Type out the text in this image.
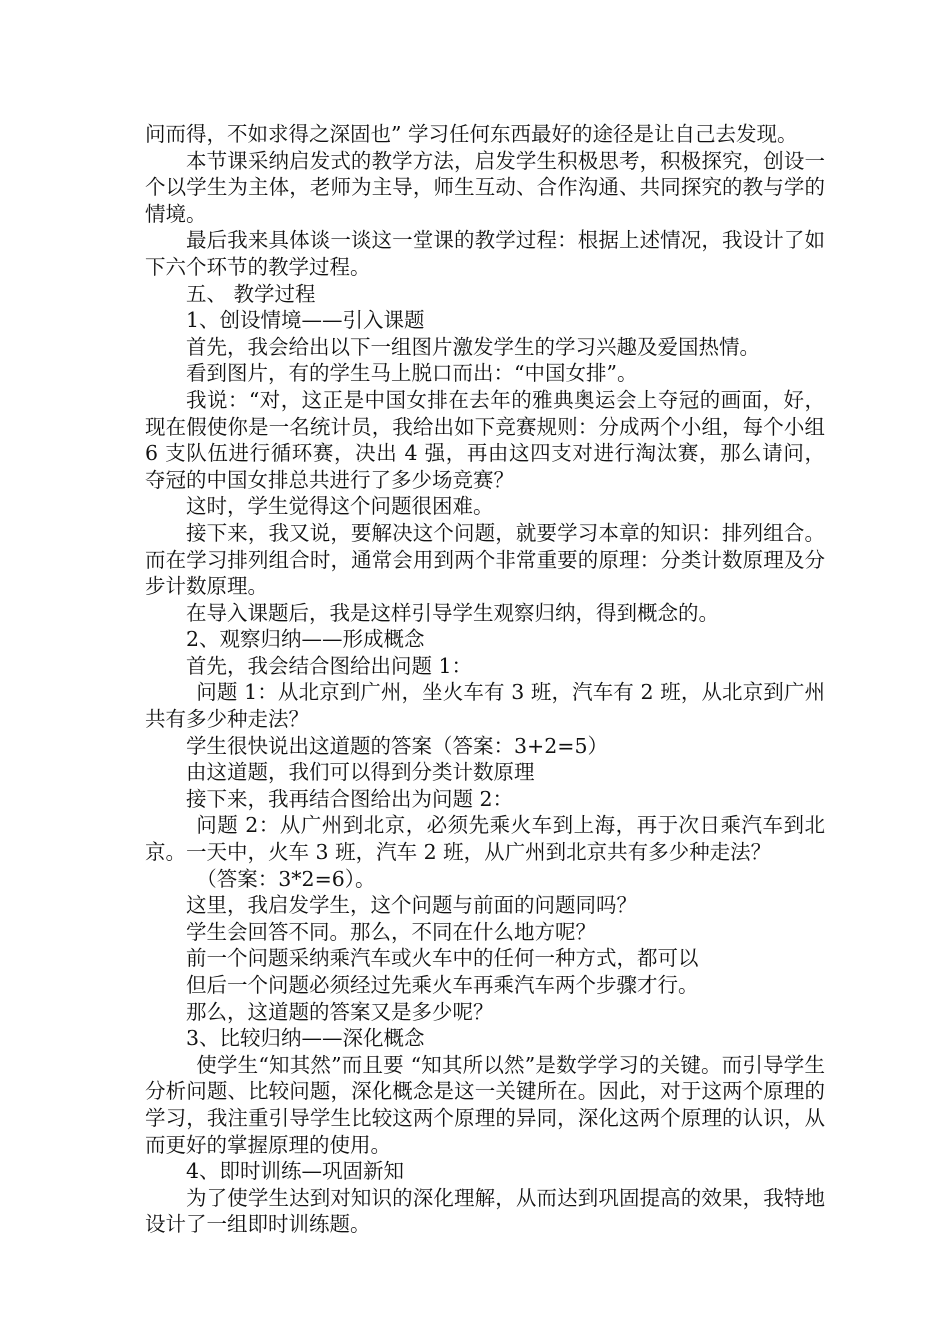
问而得，不如求得之深固也” 学习任何东西最好的途径是让自己去发现。

本节课采纳启发式的教学方法，启发学生积极思考，积极探究，创设一个以学生为主体，老师为主导，师生互动、合作沟通、共同探究的教与学的情境。

最后我来具体谈一谈这一堂课的教学过程：根据上述情况，我设计了如下六个环节的教学过程。

五、 教学过程

1、创设情境——引入课题

首先，我会给出以下一组图片激发学生的学习兴趣及爱国热情。

看到图片，有的学生马上脱口而出：“中国女排”。

我说：“对，这正是中国女排在去年的雅典奥运会上夺冠的画面，好，现在假使你是一名统计员，我给出如下竞赛规则：分成两个小组，每个小组 6 支队伍进行循环赛，决出 4 强，再由这四支对进行淘汰赛，那么请问，夺冠的中国女排总共进行了多少场竞赛？

这时，学生觉得这个问题很困难。

接下来，我又说，要解决这个问题，就要学习本章的知识：排列组合。而在学习排列组合时，通常会用到两个非常重要的原理：分类计数原理及分步计数原理。

在导入课题后，我是这样引导学生观察归纳，得到概念的。

2、观察归纳——形成概念

首先，我会结合图给出问题 1：

问题 1：从北京到广州，坐火车有 3 班，汽车有 2 班，从北京到广州共有多少种走法？

学生很快说出这道题的答案（答案：3+2=5）

由这道题，我们可以得到分类计数原理

接下来，我再结合图给出为问题 2：

问题 2：从广州到北京，必须先乘火车到上海，再于次日乘汽车到北京。一天中，火车 3 班，汽车 2 班，从广州到北京共有多少种走法？

（答案：3*2=6）。

这里，我启发学生，这个问题与前面的问题同吗？

学生会回答不同。那么，不同在什么地方呢？

前一个问题采纳乘汽车或火车中的任何一种方式，都可以

但后一个问题必须经过先乘火车再乘汽车两个步骤才行。

那么，这道题的答案又是多少呢？

3、比较归纳——深化概念

使学生“知其然”而且要 “知其所以然”是数学学习的关键。而引导学生分析问题、比较问题，深化概念是这一关键所在。因此，对于这两个原理的学习，我注重引导学生比较这两个原理的异同，深化这两个原理的认识，从而更好的掌握原理的使用。

4、即时训练—巩固新知

为了使学生达到对知识的深化理解，从而达到巩固提高的效果，我特地设计了一组即时训练题。
